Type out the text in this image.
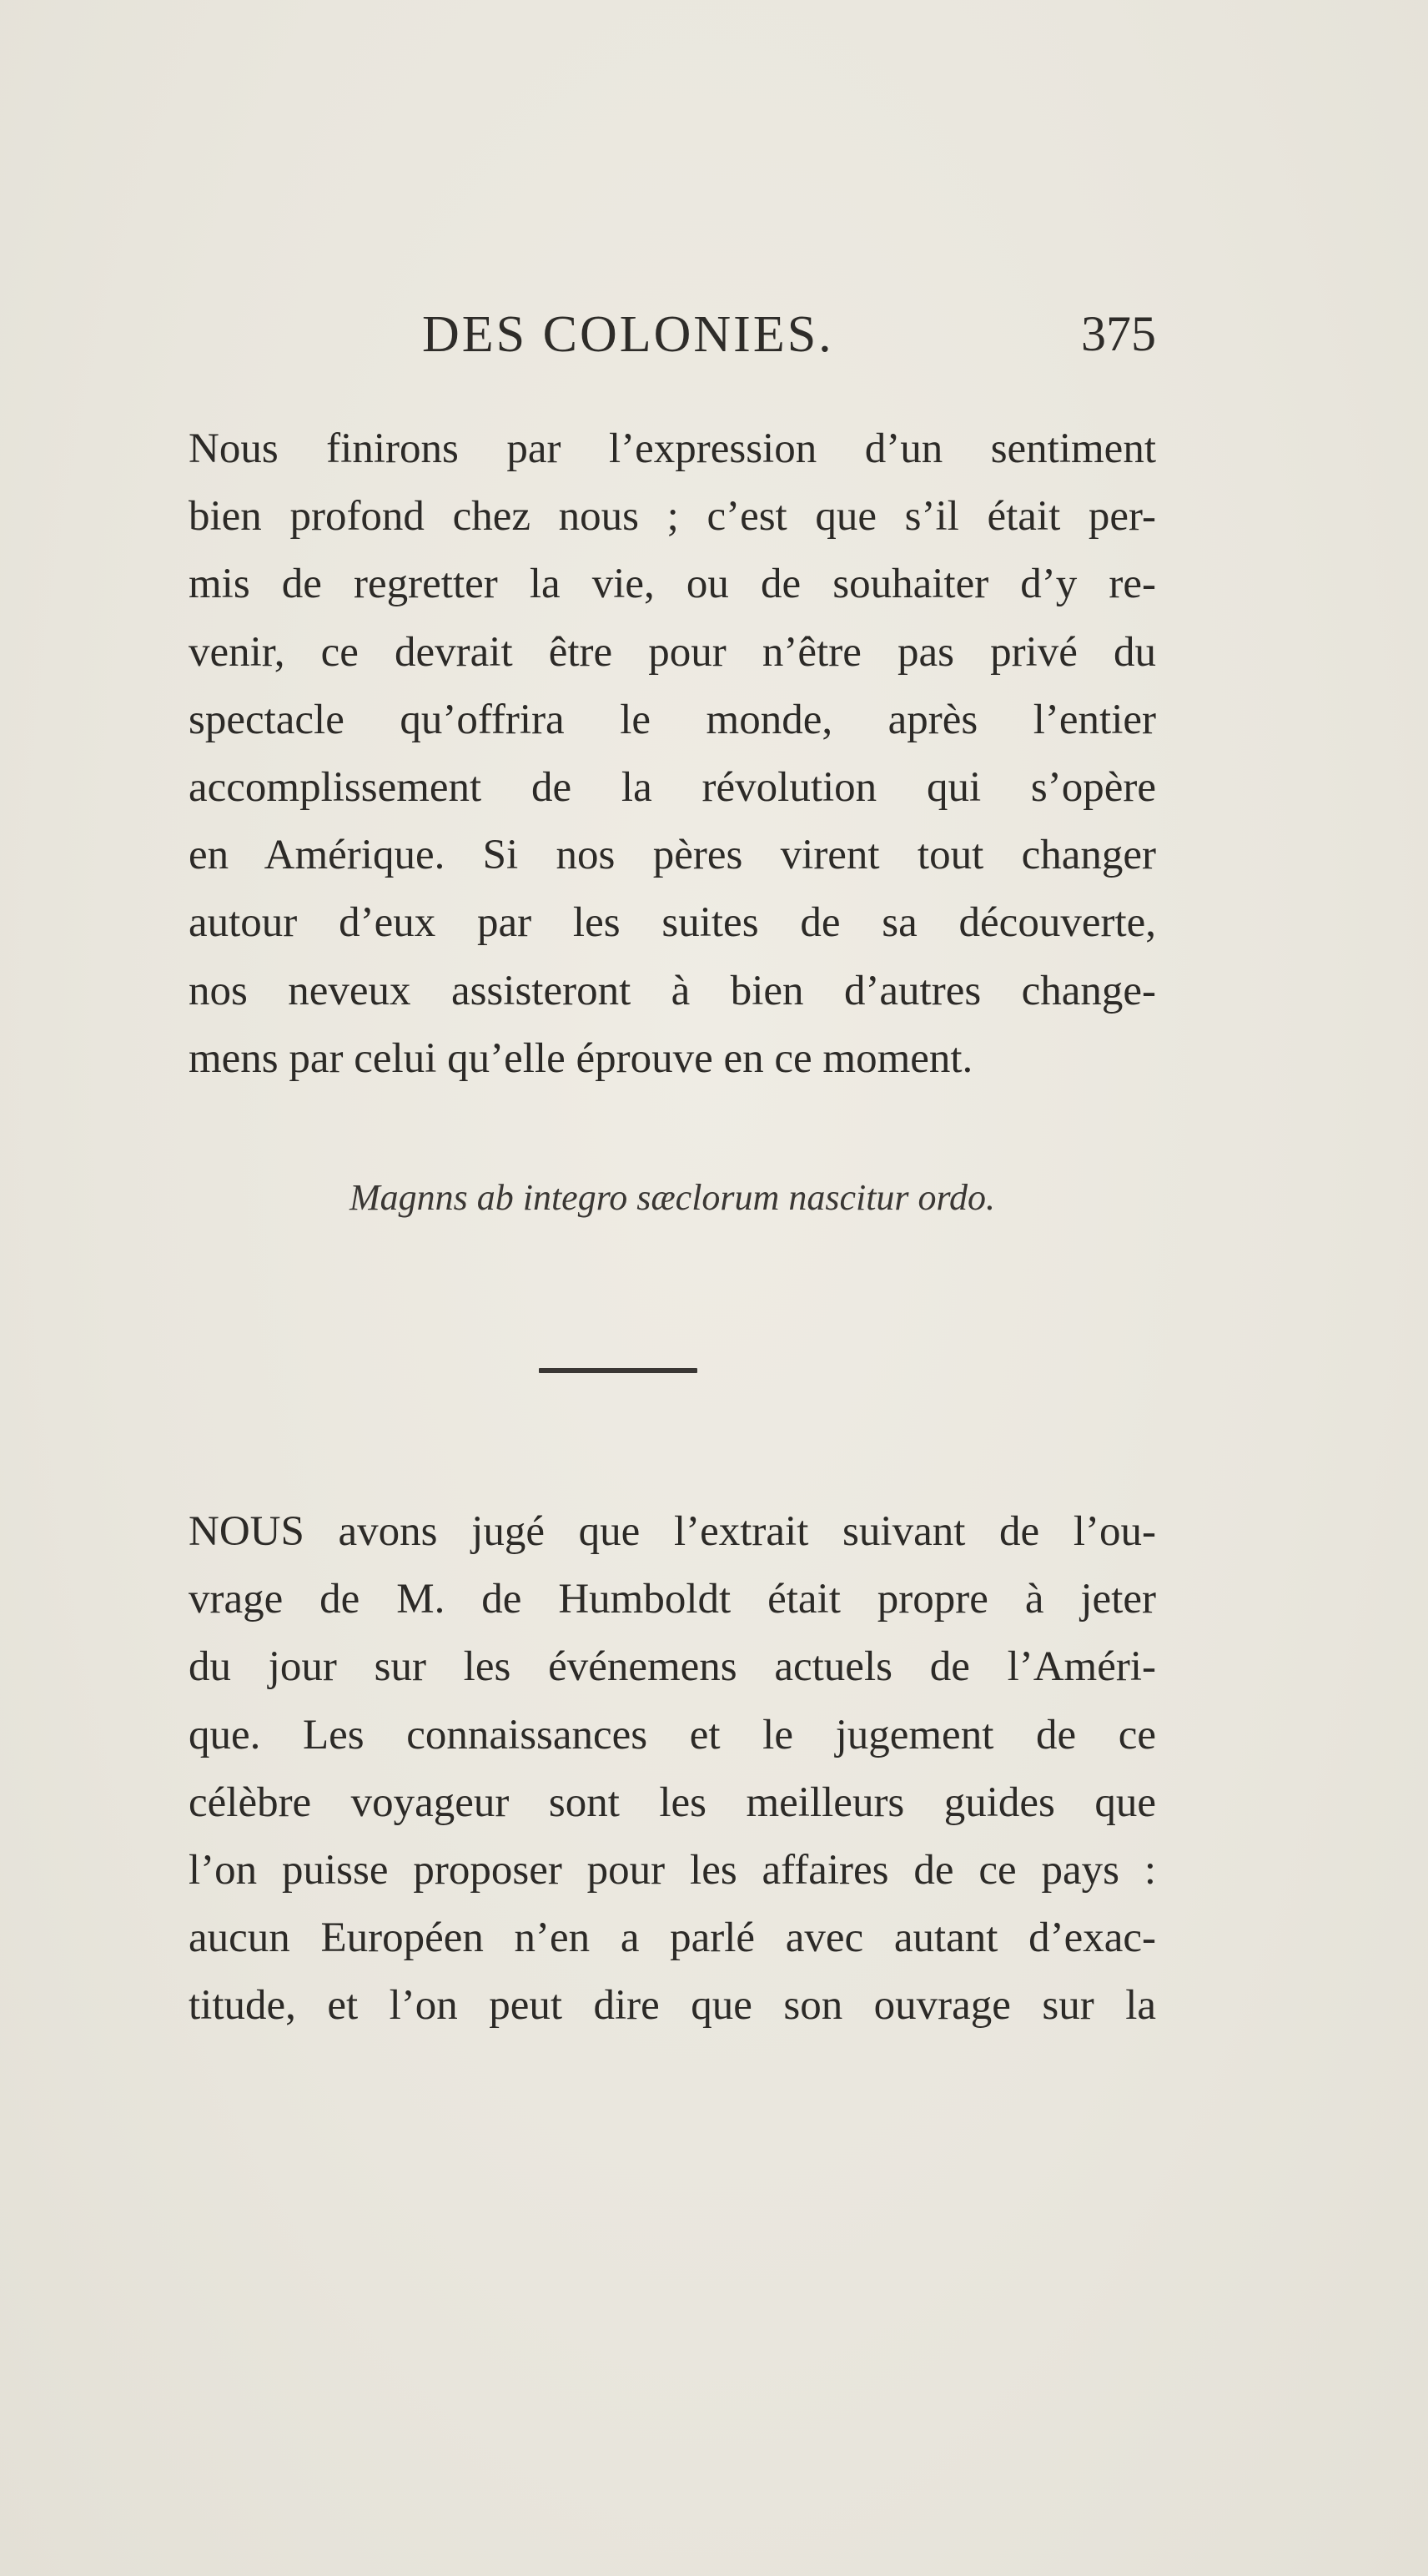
DES COLONIES.	375
Nous finirons par l’expression d’un sentiment
bien profond chez nous ; c’est que s’il était per-
mis de regretter la vie, ou de souhaiter d’y re-
venir, ce devrait être pour n’être pas privé du
spectacle qu’offrira le monde, après l’entier
accomplissement de la révolution qui s’opère
en Amérique. Si nos pères virent tout changer
autour d’eux par les suites de sa découverte,
nos neveux assisteront à bien d’autres change-
mens par celui qu’elle éprouve en ce moment.
Magnns ab integro sæclorum nascitur ordo.
NOUS avons jugé que l’extrait suivant de l’ou-
vrage de M. de Humboldt était propre à jeter
du jour sur les événemens actuels de l’Améri-
que. Les connaissances et le jugement de ce
célèbre voyageur sont les meilleurs guides que
l’on puisse proposer pour les affaires de ce pays :
aucun Européen n’en a parlé avec autant d’exac-
titude, et l’on peut dire que son ouvrage sur la
